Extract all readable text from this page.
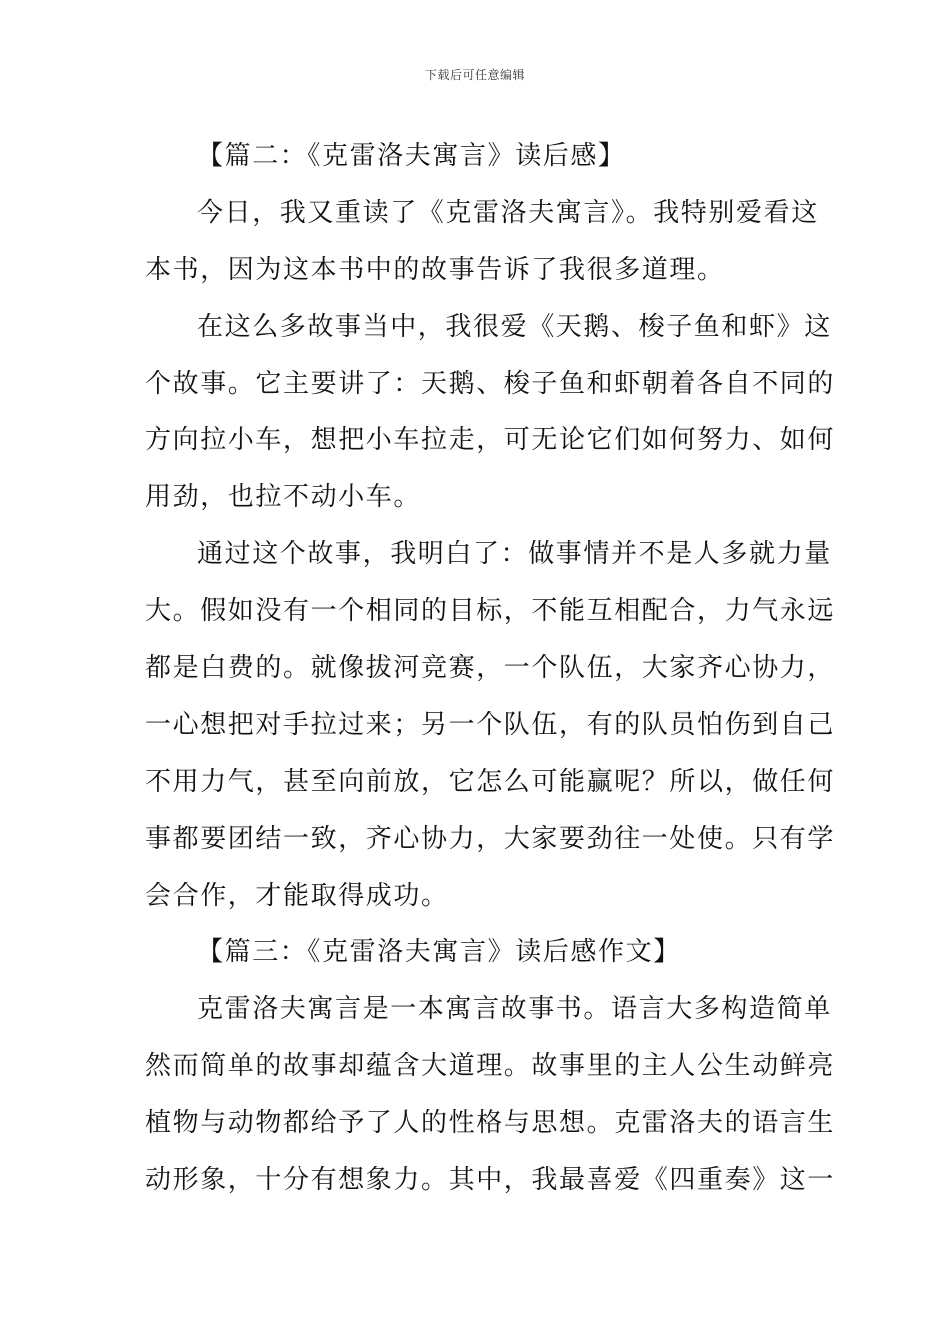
下载后可任意编辑
【篇二：《克雷洛夫寓言》读后感】
今日，我又重读了《克雷洛夫寓言》。我特别爱看这
本书，因为这本书中的故事告诉了我很多道理。
在这么多故事当中，我很爱《天鹅、梭子鱼和虾》这
个故事。它主要讲了：天鹅、梭子鱼和虾朝着各自不同的
方向拉小车，想把小车拉走，可无论它们如何努力、如何
用劲，也拉不动小车。
通过这个故事，我明白了：做事情并不是人多就力量
大。假如没有一个相同的目标，不能互相配合，力气永远
都是白费的。就像拔河竞赛，一个队伍，大家齐心协力，
一心想把对手拉过来；另一个队伍，有的队员怕伤到自己
不用力气，甚至向前放，它怎么可能赢呢？所以，做任何
事都要团结一致，齐心协力，大家要劲往一处使。只有学
会合作，才能取得成功。
【篇三：《克雷洛夫寓言》读后感作文】
克雷洛夫寓言是一本寓言故事书。语言大多构造简单
然而简单的故事却蕴含大道理。故事里的主人公生动鲜亮
植物与动物都给予了人的性格与思想。克雷洛夫的语言生
动形象，十分有想象力。其中，我最喜爱《四重奏》这一
